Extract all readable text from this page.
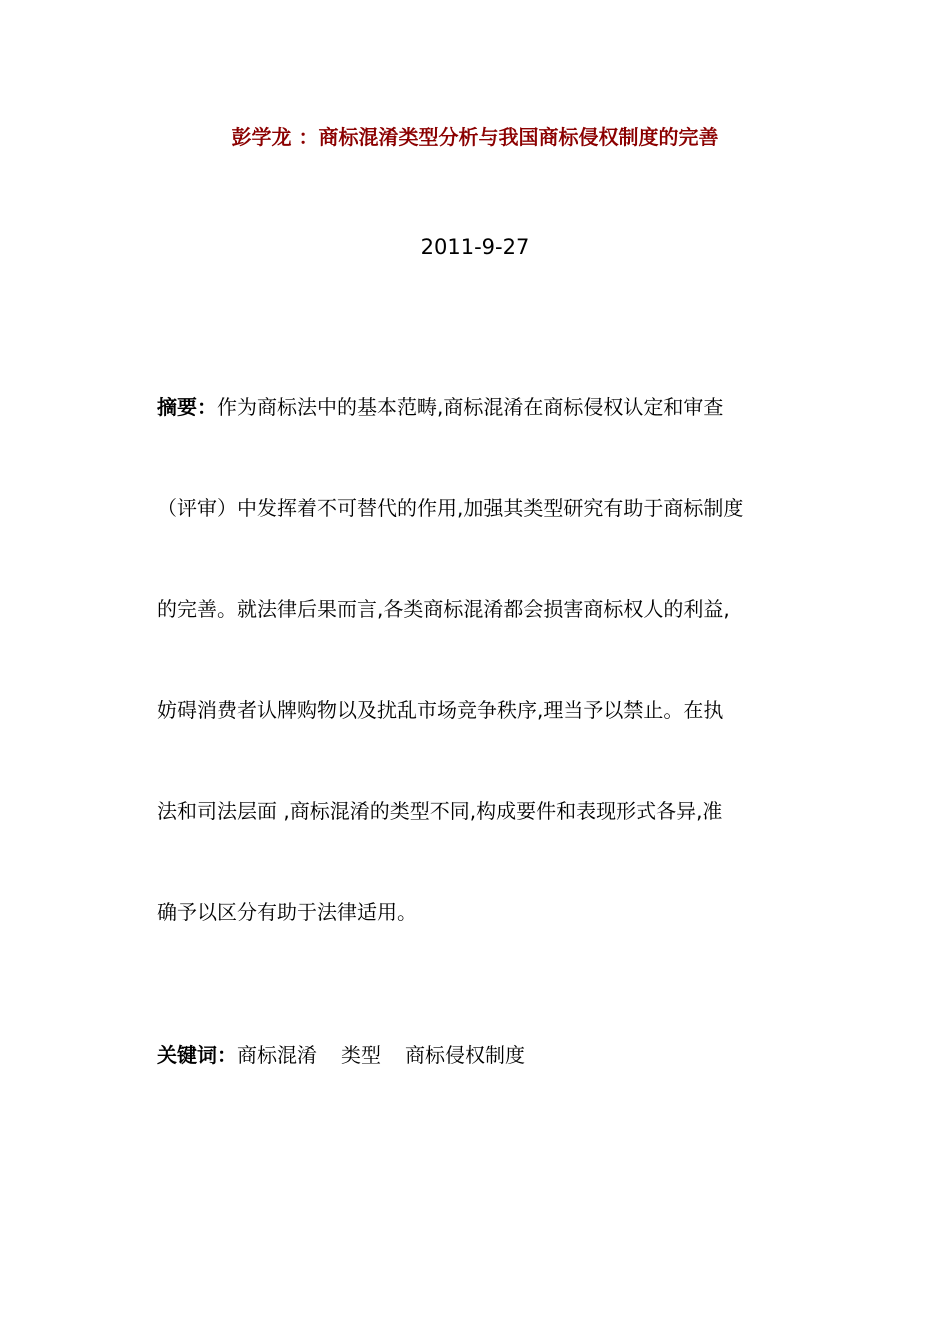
彭学龙 ：商标混淆类型分析与我国商标侵权制度的完善
2011-9-27
摘要：作为商标法中的基本范畴,商标混淆在商标侵权认定和审查
（评审）中发挥着不可替代的作用,加强其类型研究有助于商标制度
的完善。就法律后果而言,各类商标混淆都会损害商标权人的利益,
妨碍消费者认牌购物以及扰乱市场竞争秩序,理当予以禁止。在执
法和司法层面 ,商标混淆的类型不同,构成要件和表现形式各异,准
确予以区分有助于法律适用。
关键词：商标混淆 类型 商标侵权制度
